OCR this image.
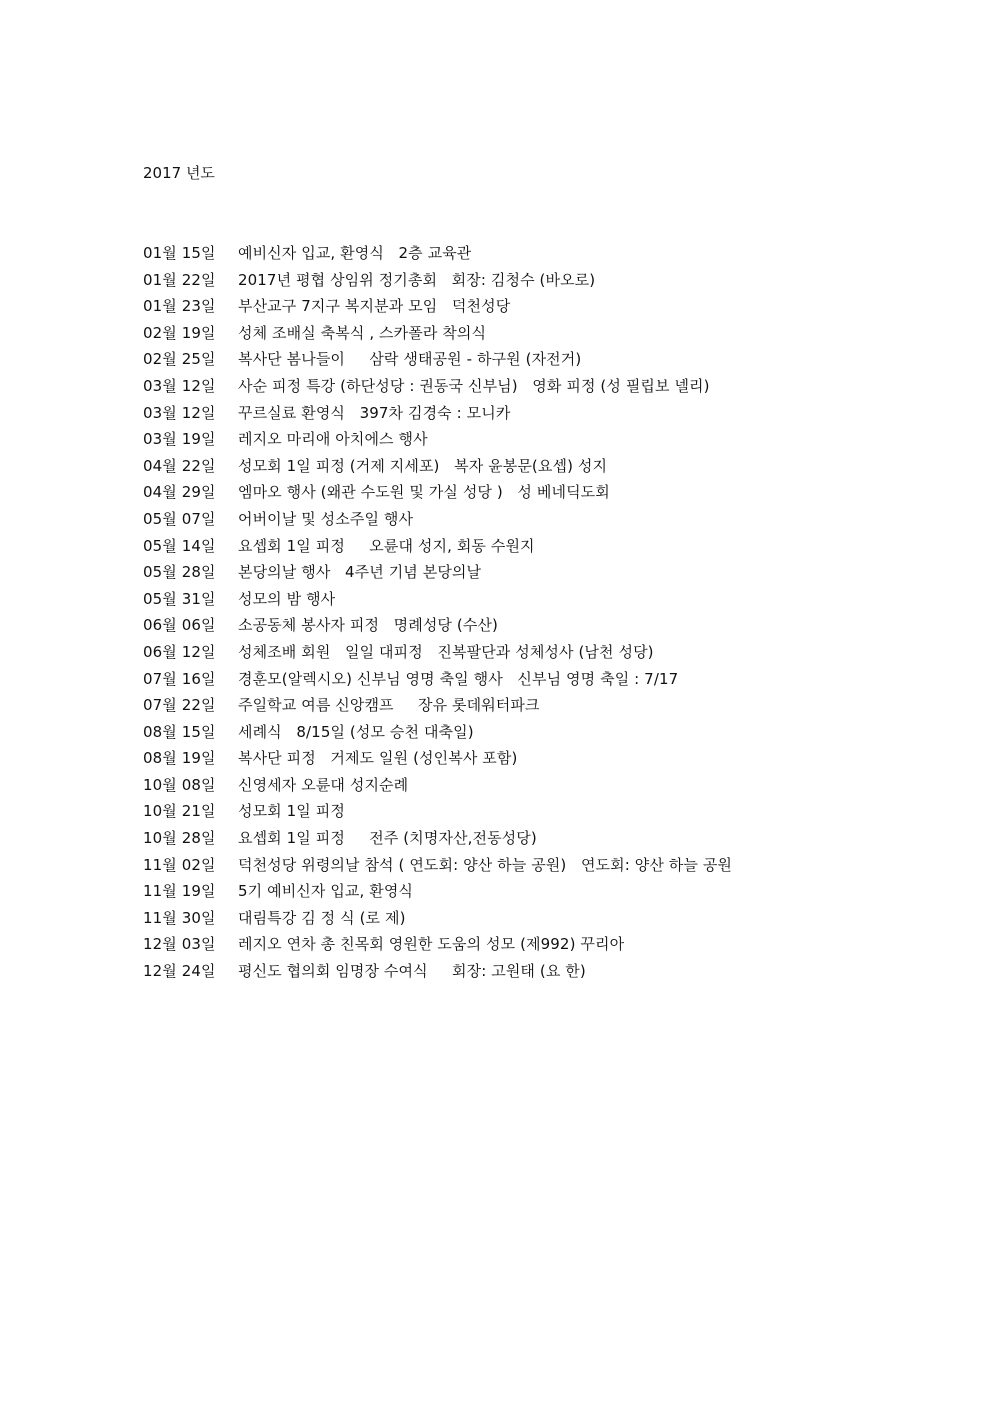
2017 년도
01월 15일 예비신자 입교, 환영식   2층 교육관
01월 22일 2017년 평협 상임위 정기총회   회장: 김청수 (바오로)
01월 23일 부산교구 7지구 복지분과 모임   덕천성당
02월 19일 성체 조배실 축복식 , 스카폴라 착의식
02월 25일 복사단 봄나들이     삼락 생태공원 - 하구원 (자전거)
03월 12일 사순 피정 특강 (하단성당 : 권동국 신부님)   영화 피정 (성 필립보 넬리)
03월 12일 꾸르실료 환영식   397차 김경숙 : 모니카
03월 19일 레지오 마리애 아치에스 행사
04월 22일 성모회 1일 피정 (거제 지세포)   복자 윤봉문(요셉) 성지
04월 29일 엠마오 행사 (왜관 수도원 및 가실 성당 )   성 베네딕도회
05월 07일 어버이날 및 성소주일 행사
05월 14일 요셉회 1일 피정     오륜대 성지, 회동 수원지
05월 28일 본당의날 행사   4주년 기념 본당의날
05월 31일 성모의 밤 행사
06월 06일 소공동체 봉사자 피정   명례성당 (수산)
06월 12일 성체조배 회원   일일 대피정   진복팔단과 성체성사 (남천 성당)
07월 16일 경훈모(알렉시오) 신부님 영명 축일 행사   신부님 영명 축일 : 7/17
07월 22일 주일학교 여름 신앙캠프     장유 롯데워터파크
08월 15일 세례식   8/15일 (성모 승천 대축일)
08월 19일 복사단 피정   거제도 일원 (성인복사 포함)
10월 08일 신영세자 오륜대 성지순례
10월 21일 성모회 1일 피정
10월 28일 요셉회 1일 피정     전주 (치명자산,전동성당)
11월 02일 덕천성당 위령의날 참석 ( 연도회: 양산 하늘 공원)   연도회: 양산 하늘 공원
11월 19일 5기 예비신자 입교, 환영식
11월 30일 대림특강 김 정 식 (로 제)
12월 03일 레지오 연차 총 친목회 영원한 도움의 성모 (제992) 꾸리아
12월 24일 평신도 협의회 임명장 수여식     회장: 고원태 (요 한)
